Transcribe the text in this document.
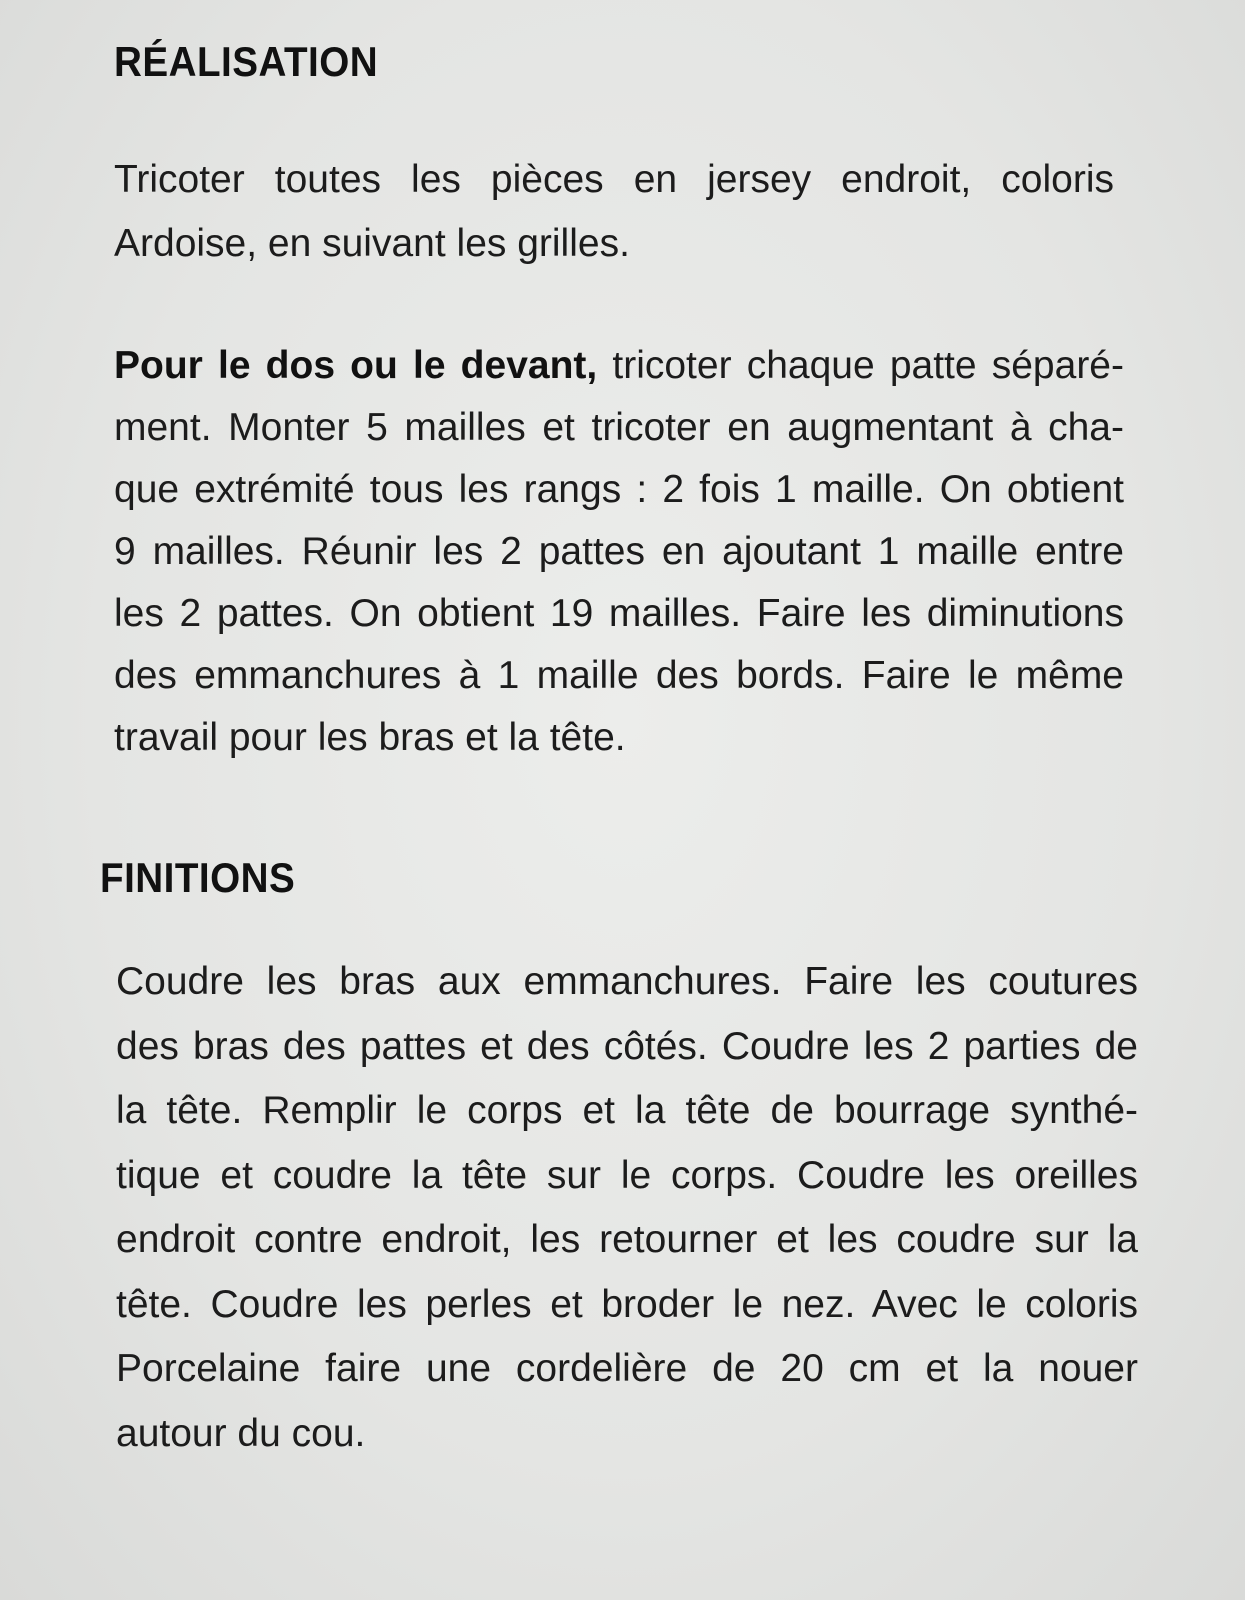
RÉALISATION

Tricoter toutes les pièces en jersey endroit, coloris
Ardoise, en suivant les grilles.

Pour le dos ou le devant, tricoter chaque patte séparé-
ment. Monter 5 mailles et tricoter en augmentant à cha-
que extrémité tous les rangs : 2 fois 1 maille. On obtient
9 mailles. Réunir les 2 pattes en ajoutant 1 maille entre
les 2 pattes. On obtient 19 mailles. Faire les diminutions
des emmanchures à 1 maille des bords. Faire le même
travail pour les bras et la tête.

FINITIONS

Coudre les bras aux emmanchures. Faire les coutures
des bras des pattes et des côtés. Coudre les 2 parties de
la tête. Remplir le corps et la tête de bourrage synthé-
tique et coudre la tête sur le corps. Coudre les oreilles
endroit contre endroit, les retourner et les coudre sur la
tête. Coudre les perles et broder le nez. Avec le coloris
Porcelaine faire une cordelière de 20 cm et la nouer
autour du cou.
